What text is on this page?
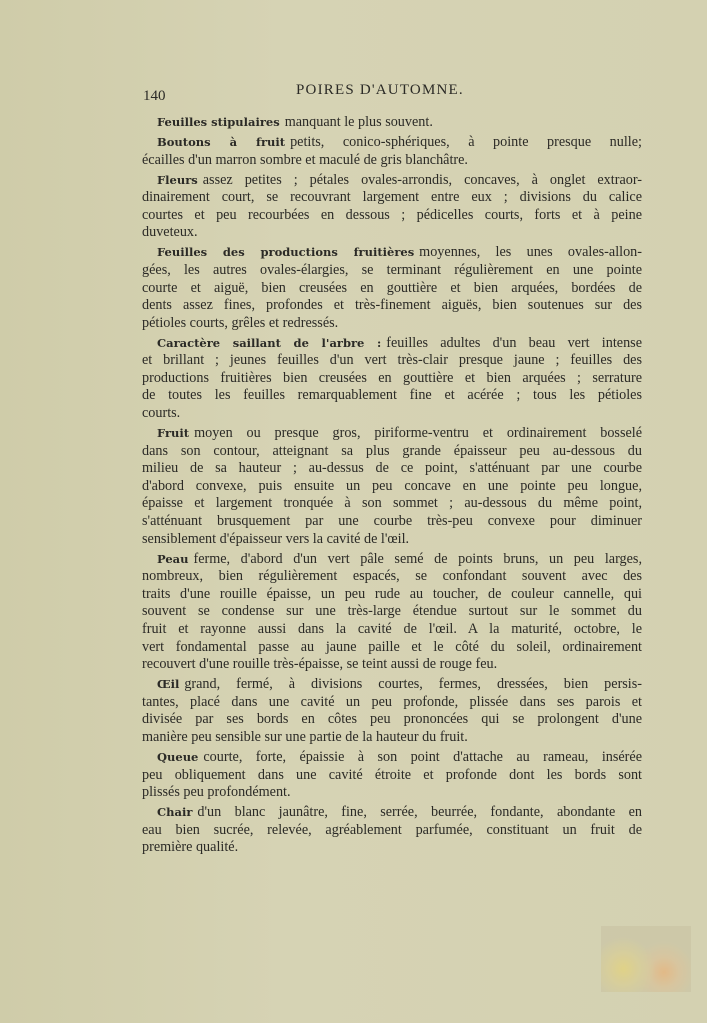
140	POIRES D'AUTOMNE.
Feuilles stipulaires manquant le plus souvent.
Boutons à fruit petits, conico-sphériques, à pointe presque nulle;
écailles d'un marron sombre et maculé de gris blanchâtre.
Fleurs assez petites ; pétales ovales-arrondis, concaves, à onglet extraor-
dinairement court, se recouvrant largement entre eux ; divisions du calice
courtes et peu recourbées en dessous ; pédicelles courts, forts et à peine
duveteux.
Feuilles des productions fruitières moyennes, les unes ovales-allon-
gées, les autres ovales-élargies, se terminant régulièrement en une pointe
courte et aiguë, bien creusées en gouttière et bien arquées, bordées de
dents assez fines, profondes et très-finement aiguës, bien soutenues sur des
pétioles courts, grêles et redressés.
Caractère saillant de l'arbre : feuilles adultes d'un beau vert intense
et brillant ; jeunes feuilles d'un vert très-clair presque jaune ; feuilles des
productions fruitières bien creusées en gouttière et bien arquées ; serrature
de toutes les feuilles remarquablement fine et acérée ; tous les pétioles
courts.
Fruit moyen ou presque gros, piriforme-ventru et ordinairement bosselé
dans son contour, atteignant sa plus grande épaisseur peu au-dessous du
milieu de sa hauteur ; au-dessus de ce point, s'atténuant par une courbe
d'abord convexe, puis ensuite un peu concave en une pointe peu longue,
épaisse et largement tronquée à son sommet ; au-dessous du même point,
s'atténuant brusquement par une courbe très-peu convexe pour diminuer
sensiblement d'épaisseur vers la cavité de l'œil.
Peau ferme, d'abord d'un vert pâle semé de points bruns, un peu larges,
nombreux, bien régulièrement espacés, se confondant souvent avec des
traits d'une rouille épaisse, un peu rude au toucher, de couleur cannelle, qui
souvent se condense sur une très-large étendue surtout sur le sommet du
fruit et rayonne aussi dans la cavité de l'œil. A la maturité, octobre, le
vert fondamental passe au jaune paille et le côté du soleil, ordinairement
recouvert d'une rouille très-épaisse, se teint aussi de rouge feu.
Œil grand, fermé, à divisions courtes, fermes, dressées, bien persis-
tantes, placé dans une cavité un peu profonde, plissée dans ses parois et
divisée par ses bords en côtes peu prononcées qui se prolongent d'une
manière peu sensible sur une partie de la hauteur du fruit.
Queue courte, forte, épaissie à son point d'attache au rameau, insérée
peu obliquement dans une cavité étroite et profonde dont les bords sont
plissés peu profondément.
Chair d'un blanc jaunâtre, fine, serrée, beurrée, fondante, abondante en
eau bien sucrée, relevée, agréablement parfumée, constituant un fruit de
première qualité.
